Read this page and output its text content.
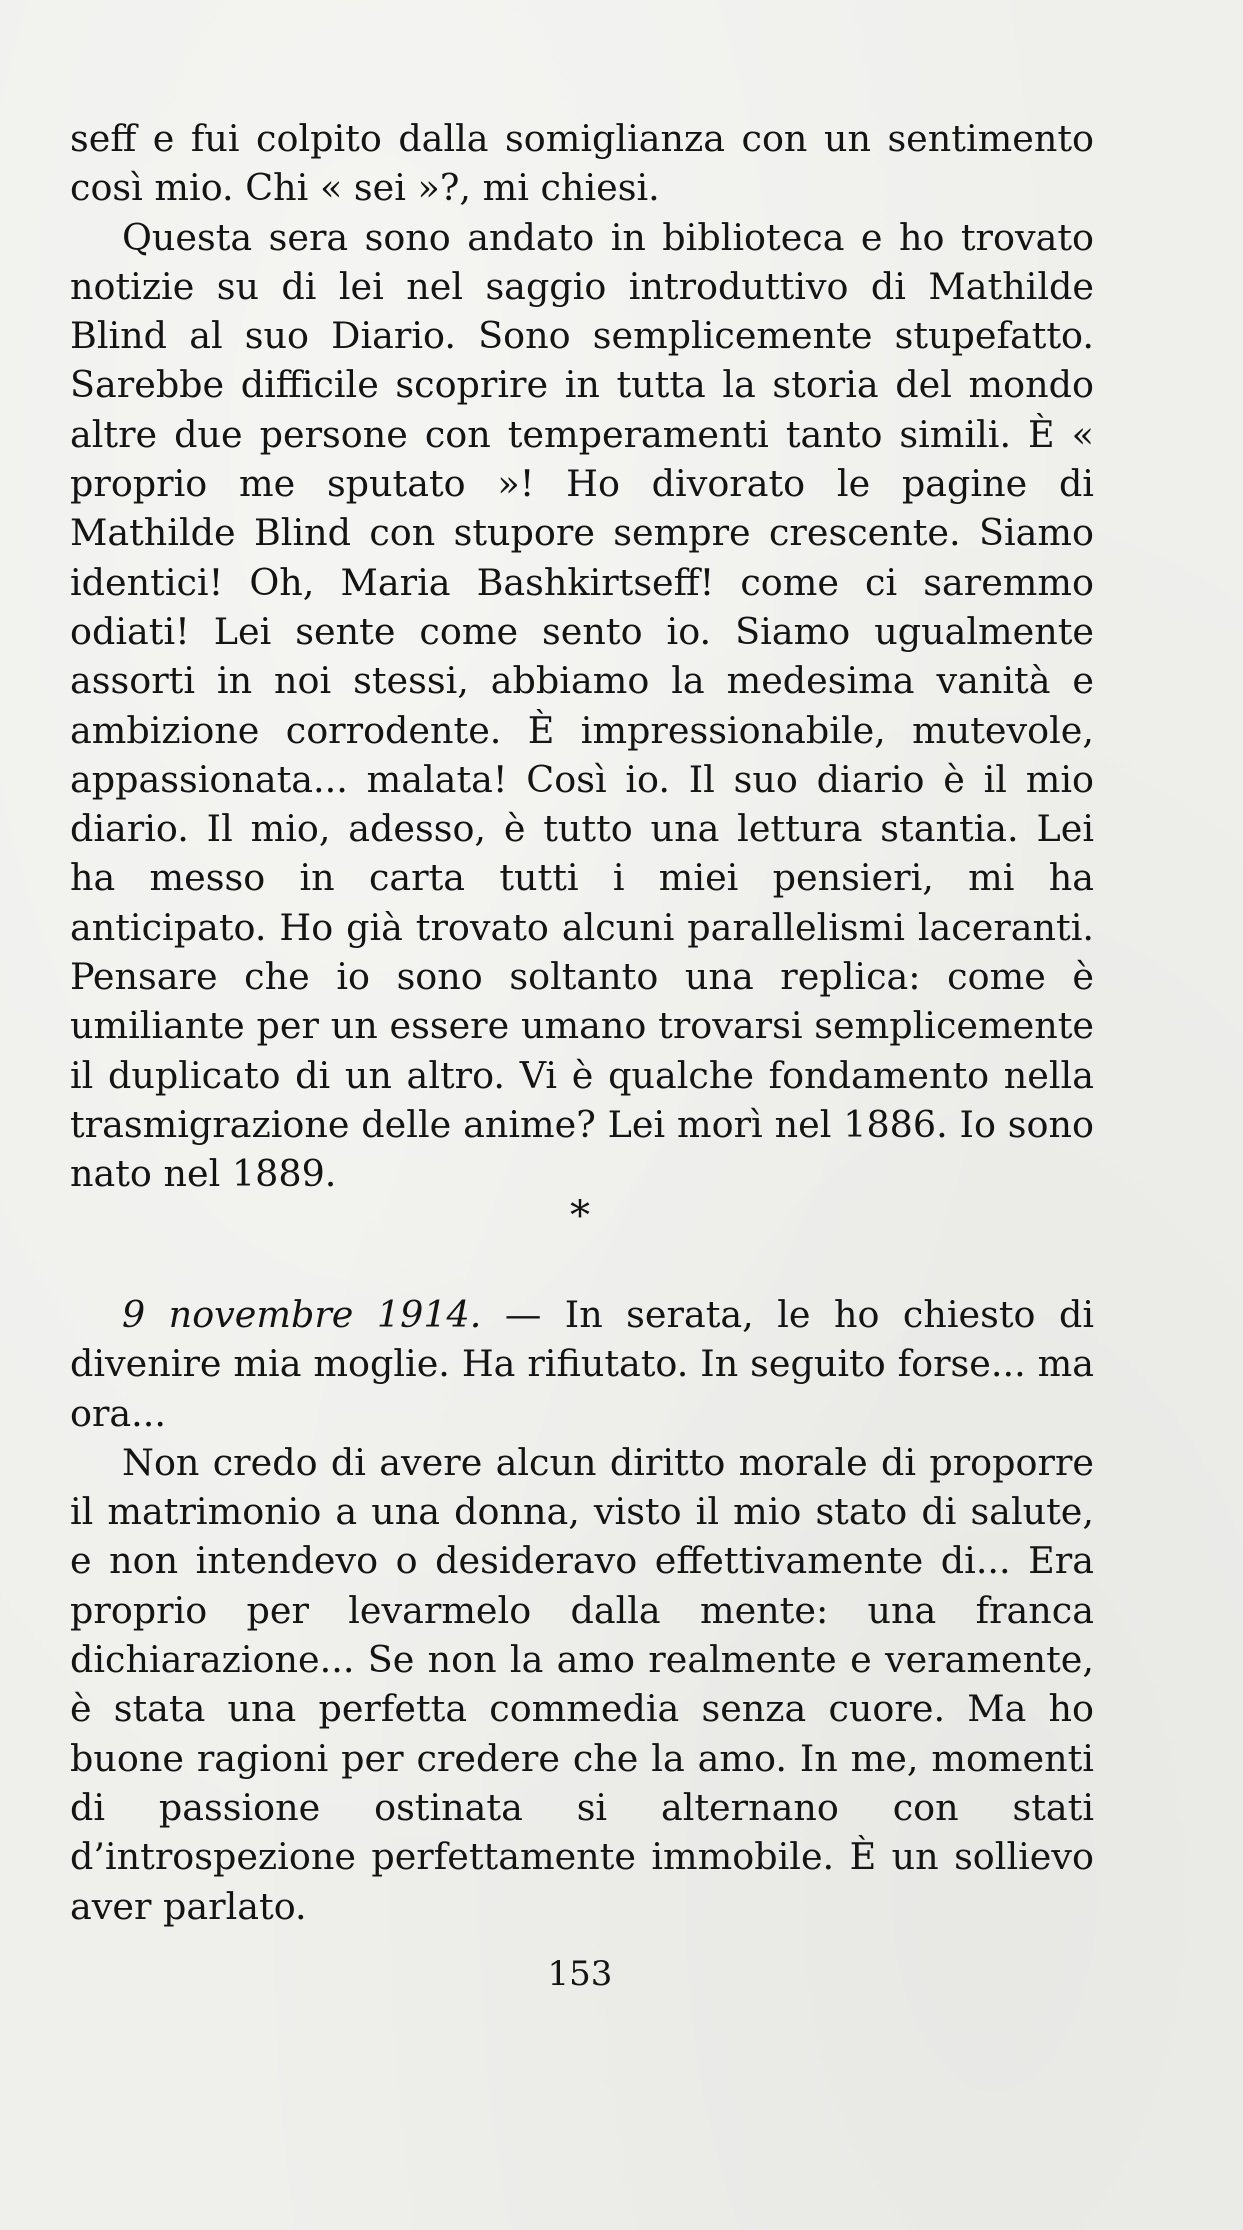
seff e fui colpito dalla somiglianza con un sentimento così mio. Chi « sei »?, mi chiesi.

Questa sera sono andato in biblioteca e ho trovato notizie su di lei nel saggio introduttivo di Mathilde Blind al suo Diario. Sono semplicemente stupefatto. Sarebbe difficile scoprire in tutta la storia del mondo altre due persone con temperamenti tanto simili. È « proprio me sputato »! Ho divorato le pagine di Mathilde Blind con stupore sempre crescente. Siamo identici! Oh, Maria Bashkirtseff! come ci saremmo odiati! Lei sente come sento io. Siamo ugualmente assorti in noi stessi, abbiamo la medesima vanità e ambizione corrodente. È impressionabile, mutevole, appassionata... malata! Così io. Il suo diario è il mio diario. Il mio, adesso, è tutto una lettura stantia. Lei ha messo in carta tutti i miei pensieri, mi ha anticipato. Ho già trovato alcuni parallelismi laceranti. Pensare che io sono soltanto una replica: come è umiliante per un essere umano trovarsi semplicemente il duplicato di un altro. Vi è qualche fondamento nella trasmigrazione delle anime? Lei morì nel 1886. Io sono nato nel 1889.

*

9 novembre 1914. — In serata, le ho chiesto di divenire mia moglie. Ha rifiutato. In seguito forse... ma ora...

Non credo di avere alcun diritto morale di proporre il matrimonio a una donna, visto il mio stato di salute, e non intendevo o desideravo effettivamente di... Era proprio per levarmelo dalla mente: una franca dichiarazione... Se non la amo realmente e veramente, è stata una perfetta commedia senza cuore. Ma ho buone ragioni per credere che la amo. In me, momenti di passione ostinata si alternano con stati d’introspezione perfettamente immobile. È un sollievo aver parlato.

153
